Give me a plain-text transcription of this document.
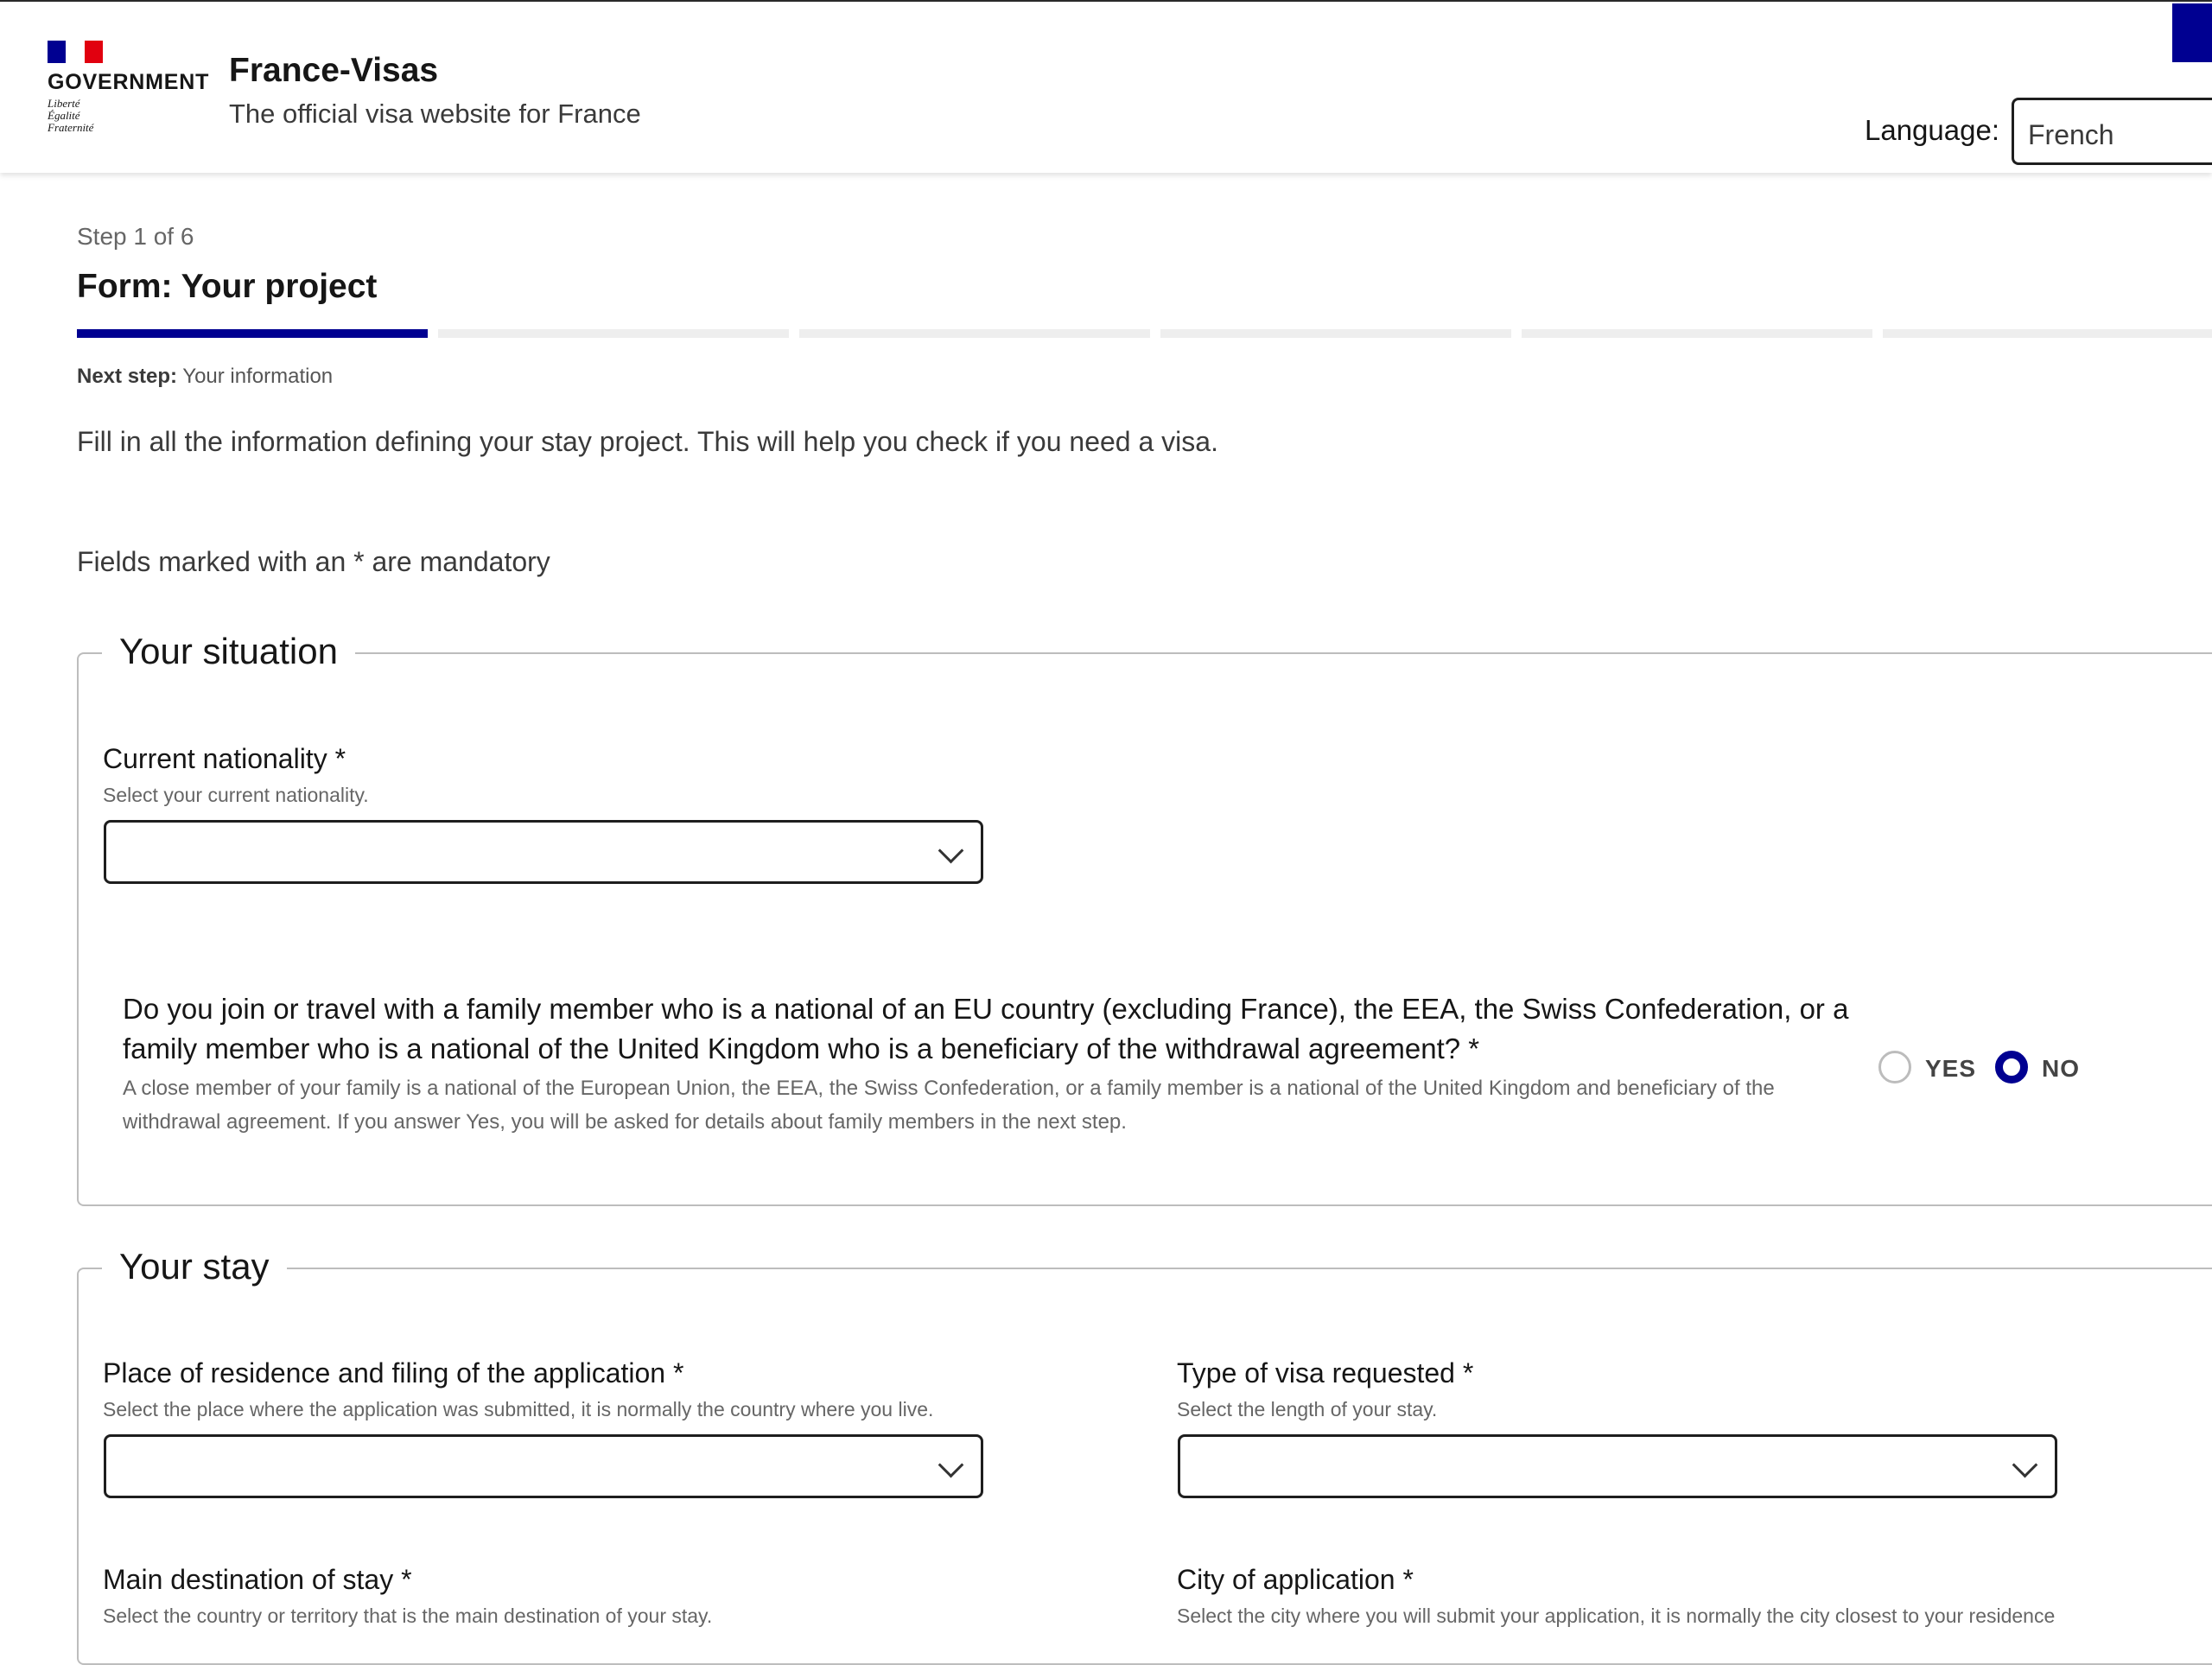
GOVERNMENT
Liberté
Égalité
Fraternité
France-Visas
The official visa website for France
Language:	French
Step 1 of 6
Form: Your project
Next step: Your information
Fill in all the information defining your stay project. This will help you check if you need a visa.
Fields marked with an * are mandatory
Your situation
Current nationality *
Select your current nationality.
Do you join or travel with a family member who is a national of an EU country (excluding France), the EEA, the Swiss Confederation, or a family member who is a national of the United Kingdom who is a beneficiary of the withdrawal agreement? *
A close member of your family is a national of the European Union, the EEA, the Swiss Confederation, or a family member is a national of the United Kingdom and beneficiary of the withdrawal agreement. If you answer Yes, you will be asked for details about family members in the next step.
YES	NO
Your stay
Place of residence and filing of the application *
Select the place where the application was submitted, it is normally the country where you live.
Type of visa requested *
Select the length of your stay.
Main destination of stay *
Select the country or territory that is the main destination of your stay.
City of application *
Select the city where you will submit your application, it is normally the city closest to your residence
